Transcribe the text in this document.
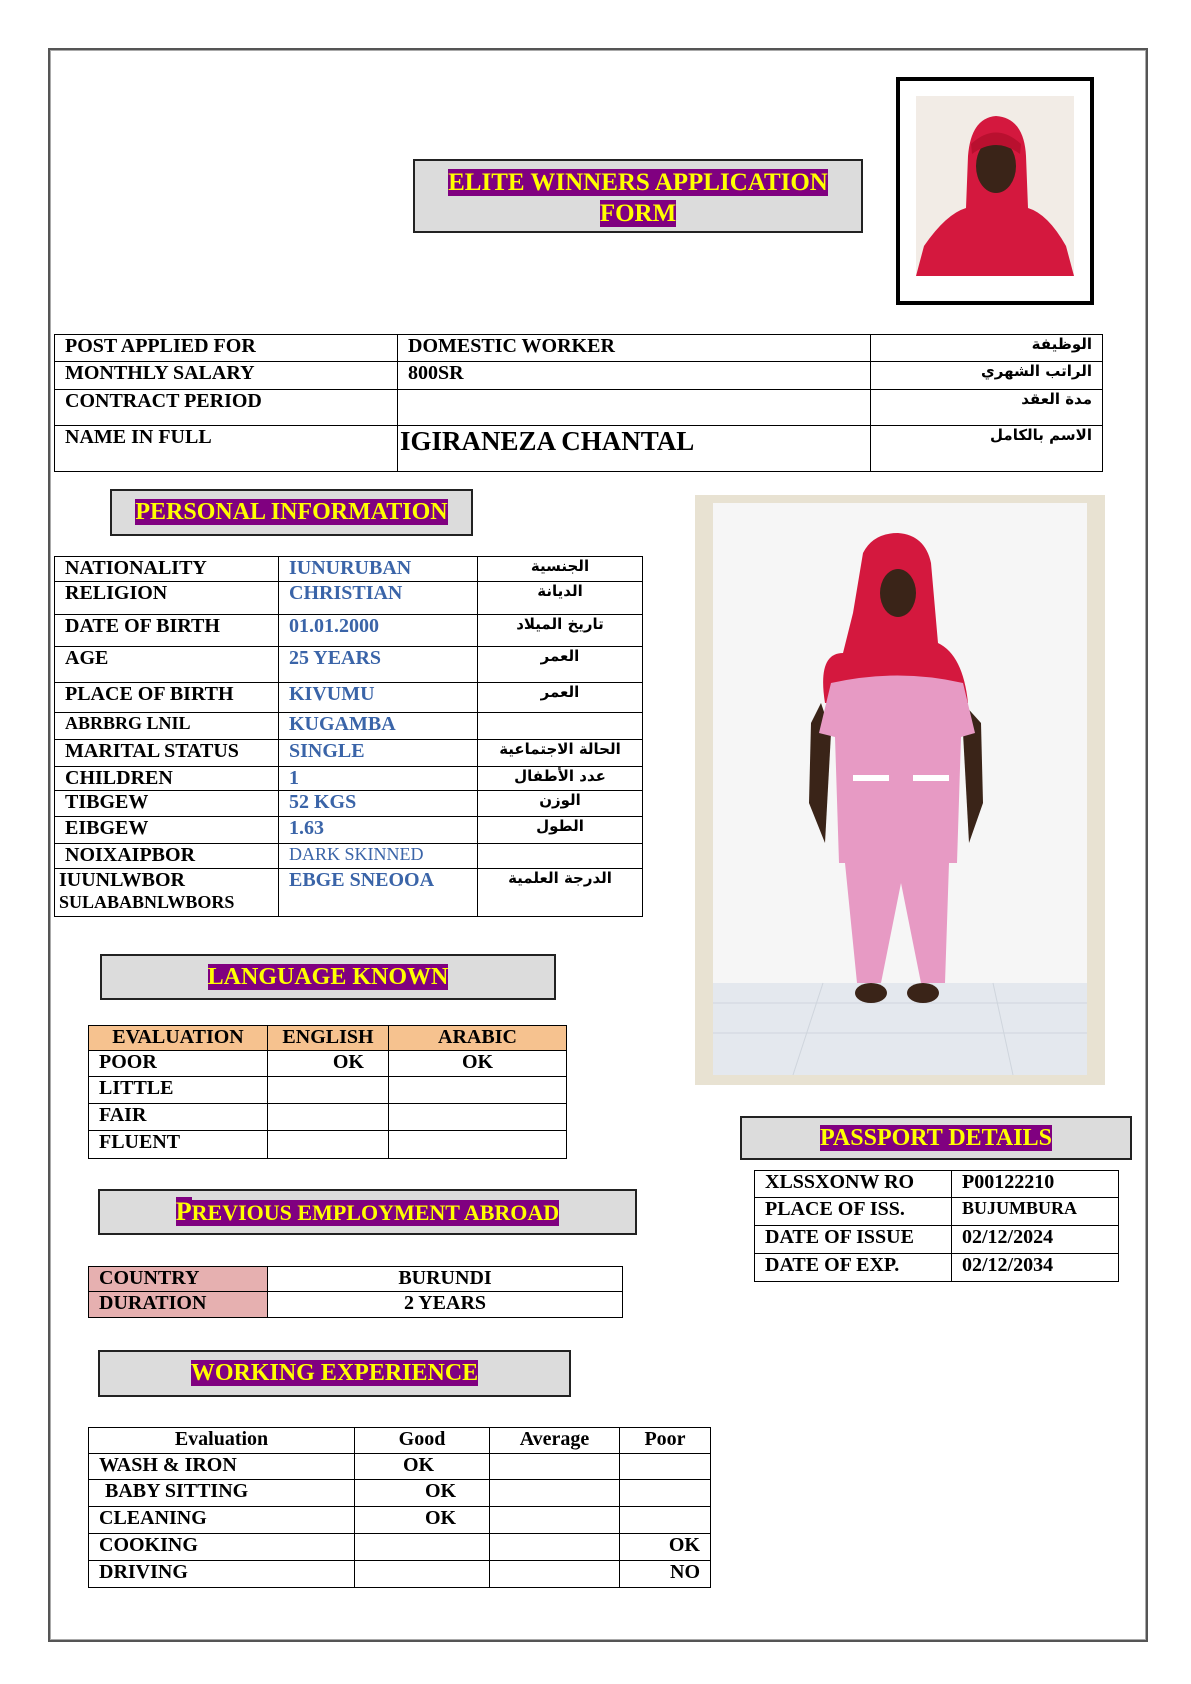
ELITE WINNERS APPLICATION
FORM
POST APPLIED FOR	DOMESTIC WORKER	الوظيفة
MONTHLY SALARY	800SR	الراتب الشهري
CONTRACT PERIOD		مدة العقد
NAME IN FULL	IGIRANEZA CHANTAL	الاسم بالكامل
PERSONAL INFORMATION
NATIONALITY	IUNURUBAN	الجنسية
RELIGION	CHRISTIAN	الديانة
DATE OF BIRTH	01.01.2000	تاريخ الميلاد
AGE	25 YEARS	العمر
PLACE OF BIRTH	KIVUMU	العمر
ABRBRG LNIL	KUGAMBA	
MARITAL STATUS	SINGLE	الحالة الاجتماعية
CHILDREN	1	عدد الأطفال
TIBGEW	52 KGS	الوزن
EIBGEW	1.63	الطول
NOIXAIPBOR	DARK SKINNED	

IUUNLWBOR
SULABABNLWBORS	EBGE SNEOOA	الدرجة العلمية
LANGUAGE KNOWN
EVALUATION	ENGLISH	ARABIC
POOR	OK	OK
LITTLE		
FAIR		
FLUENT		
PREVIOUS EMPLOYMENT ABROAD
COUNTRY	BURUNDI
DURATION	2 YEARS
WORKING EXPERIENCE
Evaluation	Good	Average	Poor
WASH & IRON	OK		
BABY SITTING	OK		
CLEANING	OK		
COOKING			OK
DRIVING			NO
PASSPORT DETAILS
XLSSXONW RO	P00122210
PLACE OF ISS.	BUJUMBURA
DATE OF ISSUE	02/12/2024
DATE OF EXP.	02/12/2034
